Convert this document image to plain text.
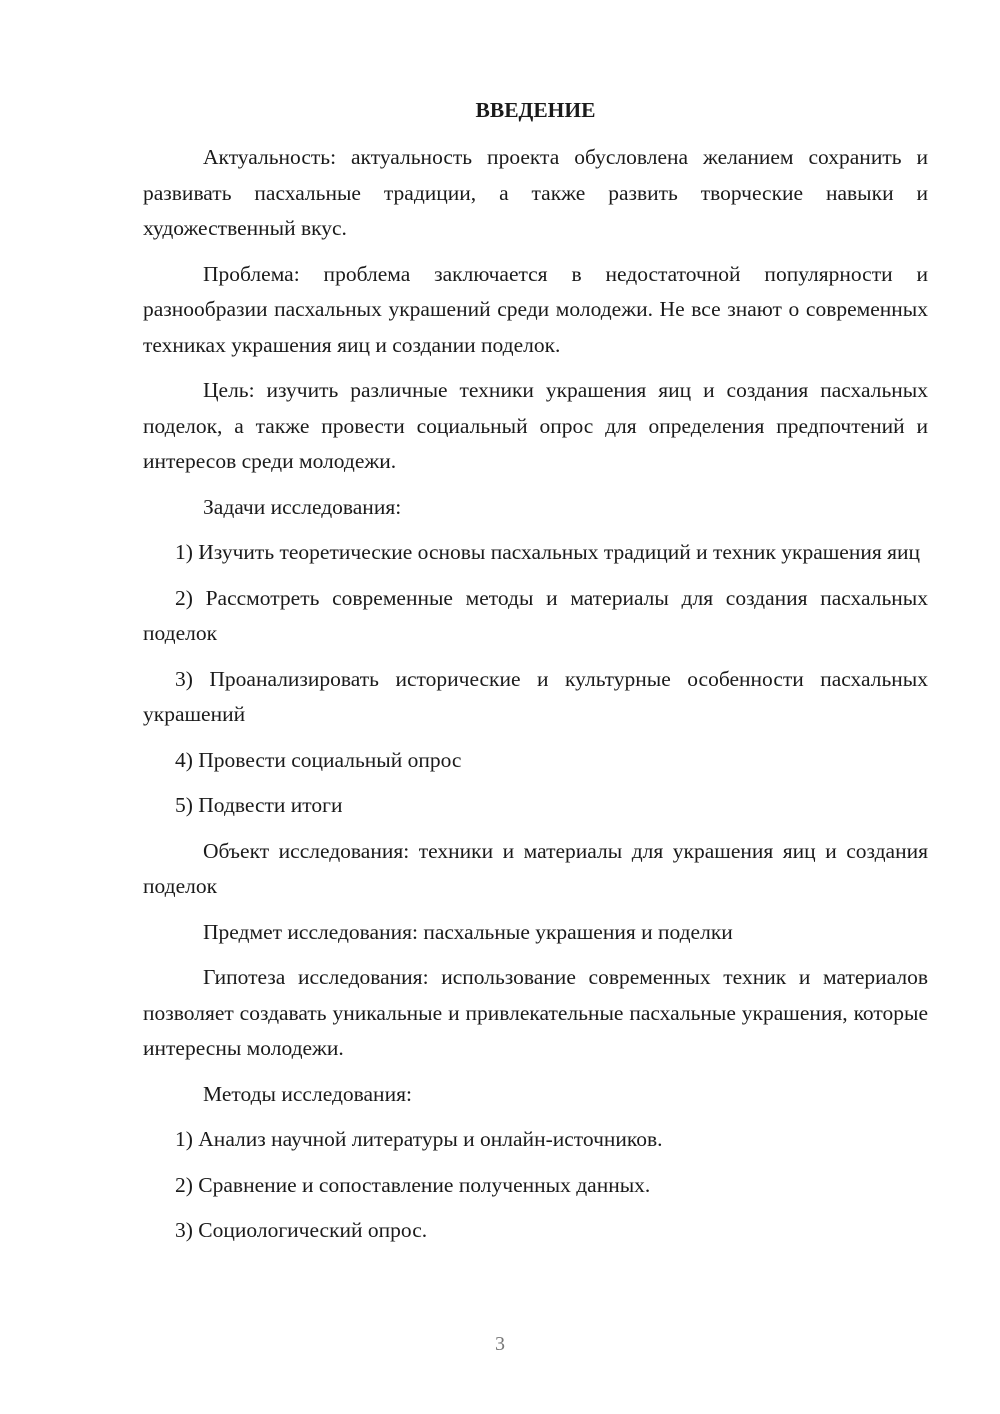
ВВЕДЕНИЕ

Актуальность: актуальность проекта обусловлена желанием сохранить и развивать пасхальные традиции, а также развить творческие навыки и художественный вкус.

Проблема: проблема заключается в недостаточной популярности и разнообразии пасхальных украшений среди молодежи. Не все знают о современных техниках украшения яиц и создании поделок.

Цель: изучить различные техники украшения яиц и создания пасхальных поделок, а также провести социальный опрос для определения предпочтений и интересов среди молодежи.

Задачи исследования:

1) Изучить теоретические основы пасхальных традиций и техник украшения яиц

2) Рассмотреть современные методы и материалы для создания пасхальных поделок

3) Проанализировать исторические и культурные особенности пасхальных украшений

4) Провести социальный опрос

5) Подвести итоги

Объект исследования: техники и материалы для украшения яиц и создания поделок

Предмет исследования: пасхальные украшения и поделки

Гипотеза исследования: использование современных техник и материалов позволяет создавать уникальные и привлекательные пасхальные украшения, которые интересны молодежи.

Методы исследования:

1) Анализ научной литературы и онлайн-источников.

2) Сравнение и сопоставление полученных данных.

3) Социологический опрос.

3
